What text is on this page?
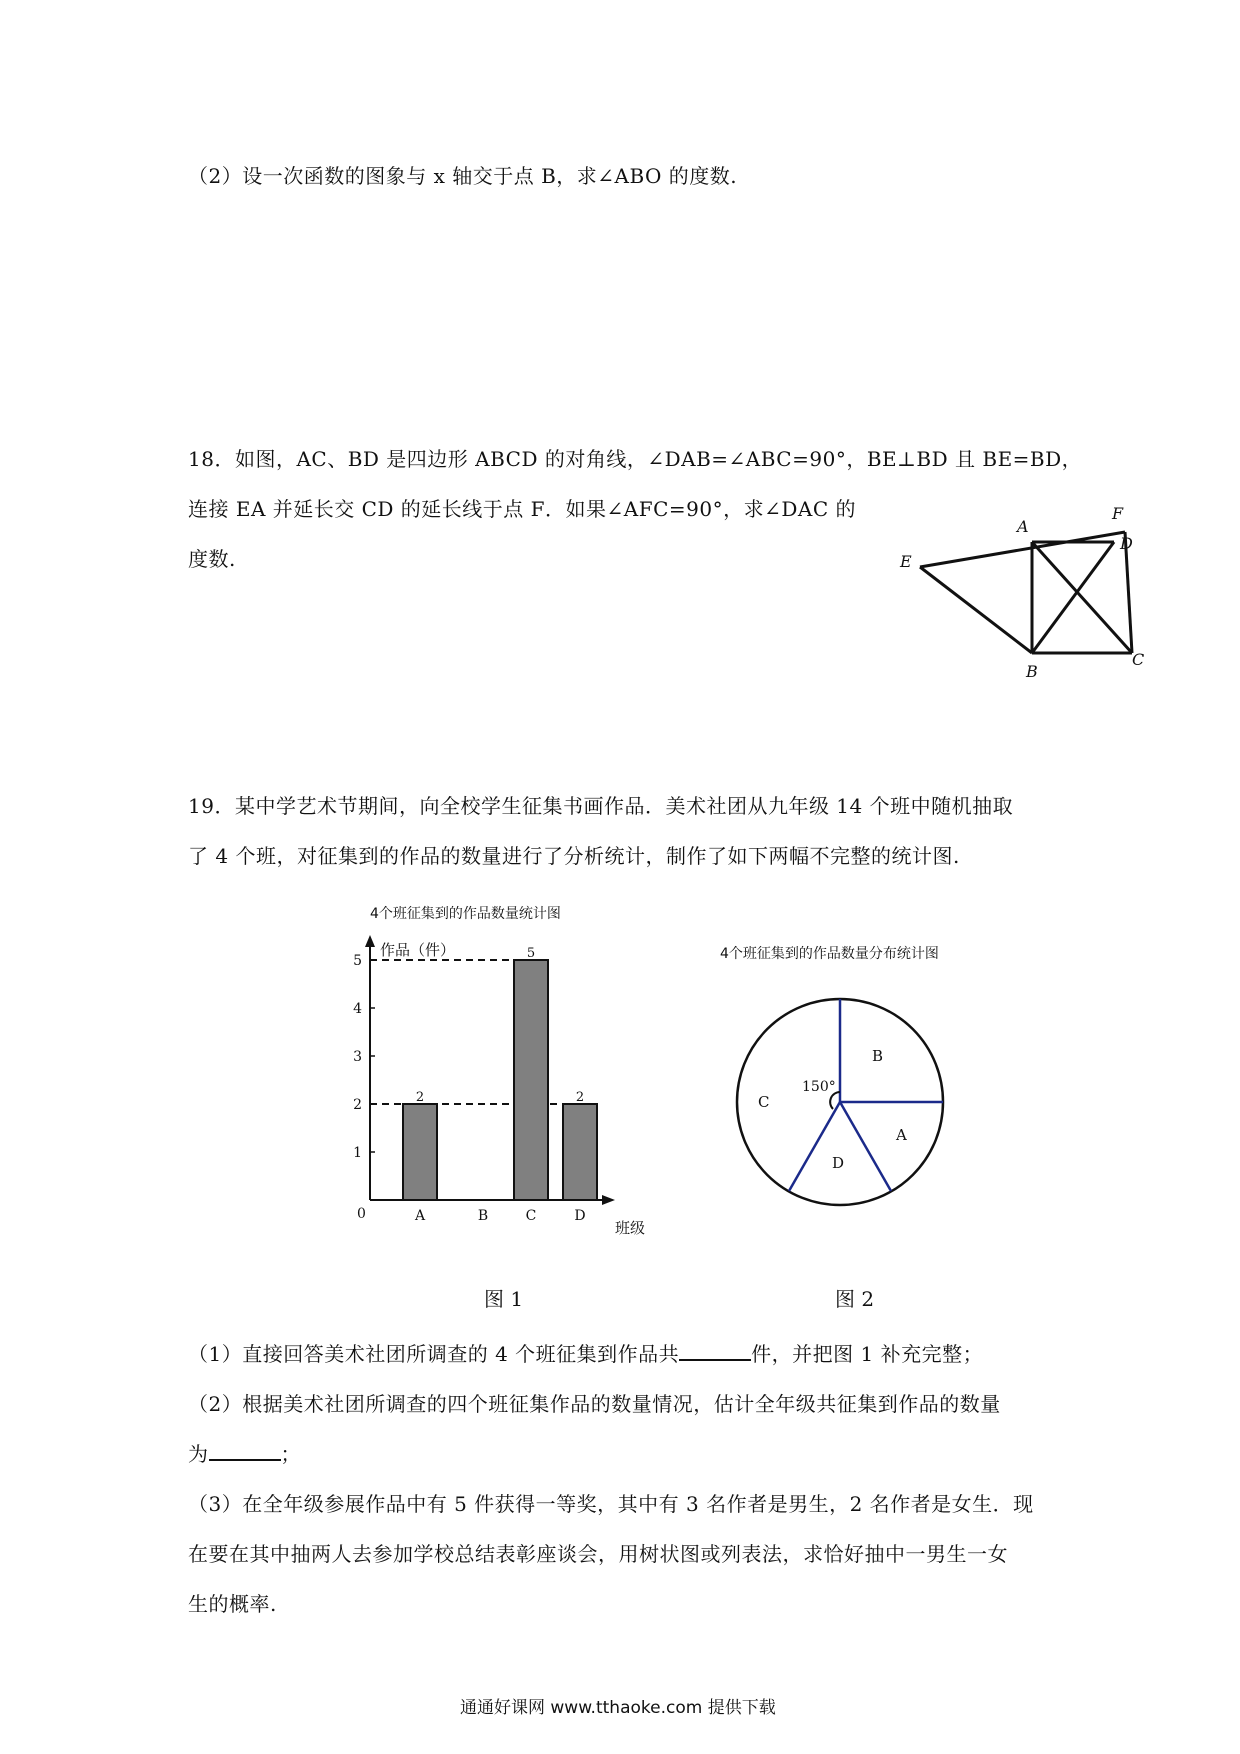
（2）设一次函数的图象与 x 轴交于点 B，求∠ABO 的度数.
18．如图，AC、BD 是四边形 ABCD 的对角线，∠DAB=∠ABC=90°，BE⊥BD 且 BE=BD，
连接 EA 并延长交 CD 的延长线于点 F．如果∠AFC=90°，求∠DAC 的
度数.	E
A
F
D
B
C
19．某中学艺术节期间，向全校学生征集书画作品．美术社团从九年级 14 个班中随机抽取
了 4 个班，对征集到的作品的数量进行了分析统计，制作了如下两幅不完整的统计图.
4个班征集到的作品数量统计图
作品（件）
班级
0
2
5
2
A	B	C	D
1
2
3
4
5	4个班征集到的作品数量分布统计图
150°
B
A
D
C
图 1	图 2
（1）直接回答美术社团所调查的 4 个班征集到作品共	件，并把图 1 补充完整；
（2）根据美术社团所调查的四个班征集作品的数量情况，估计全年级共征集到作品的数量
为	；
（3）在全年级参展作品中有 5 件获得一等奖，其中有 3 名作者是男生，2 名作者是女生．现
在要在其中抽两人去参加学校总结表彰座谈会，用树状图或列表法，求恰好抽中一男生一女
生的概率.
通通好课网 www.tthaoke.com 提供下载
